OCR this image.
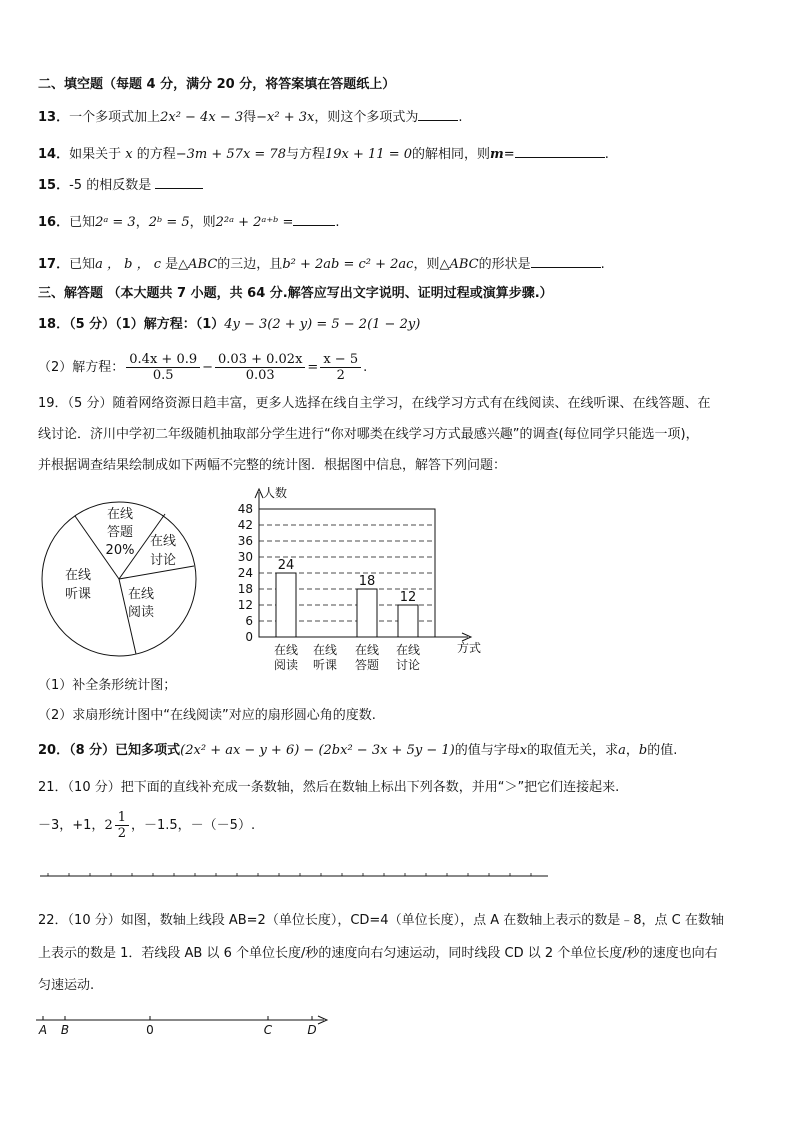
二、填空题（每题 4 分，满分 20 分，将答案填在答题纸上）
13．一个多项式加上2x² − 4x − 3得−x² + 3x，则这个多项式为	.
14．如果关于 x 的方程−3m + 57x = 78与方程19x + 11 = 0的解相同，则m=	.
15．-5 的相反数是
16．已知2ᵃ = 3，2ᵇ = 5，则2²ᵃ + 2ᵃ⁺ᵇ =	.
17．已知a ， b ， c 是△ABC的三边，且b² + 2ab = c² + 2ac，则△ABC的形状是	.
三、解答题 （本大题共 7 小题，共 64 分.解答应写出文字说明、证明过程或演算步骤.）
18．（5 分）（1）解方程：（1）4y − 3(2 + y) = 5 − 2(1 − 2y)
（2）解方程： $\frac{0.4x + 0.9}{0.5} - \frac{0.03 + 0.02x}{0.03} = \frac{x - 5}{2}$ .
19．（5 分）随着网络资源日趋丰富，更多人选择在线自主学习，在线学习方式有在线阅读、在线听课、在线答题、在
线讨论．济川中学初二年级随机抽取部分学生进行“你对哪类在线学习方式最感兴趣”的调查(每位同学只能选一项)，
并根据调查结果绘制成如下两幅不完整的统计图．根据图中信息，解答下列问题：
在线
答题
20%
在线
讨论
在线
阅读
在线
听课
人数
方式
0
6
12
18
24
30
36
42
48
24
在线
阅读
在线
听课
18
在线
答题
12
在线
讨论
（1）补全条形统计图；
（2）求扇形统计图中“在线阅读”对应的扇形圆心角的度数.
20．（8 分）已知多项式(2x² + ax − y + 6) − (2bx² − 3x + 5y − 1)的值与字母x的取值无关，求a，b的值.
21．（10 分）把下面的直线补充成一条数轴，然后在数轴上标出下列各数，并用“＞”把它们连接起来.
－3，+1，$2 \frac{1}{2}$ ，－1.5，－（－5）.
22．（10 分）如图，数轴上线段 AB=2（单位长度），CD=4（单位长度），点 A 在数轴上表示的数是﹣8，点 C 在数轴
上表示的数是 1．若线段 AB 以 6 个单位长度/秒的速度向右匀速运动，同时线段 CD 以 2 个单位长度/秒的速度也向右
匀速运动.
A B	0	C	D
